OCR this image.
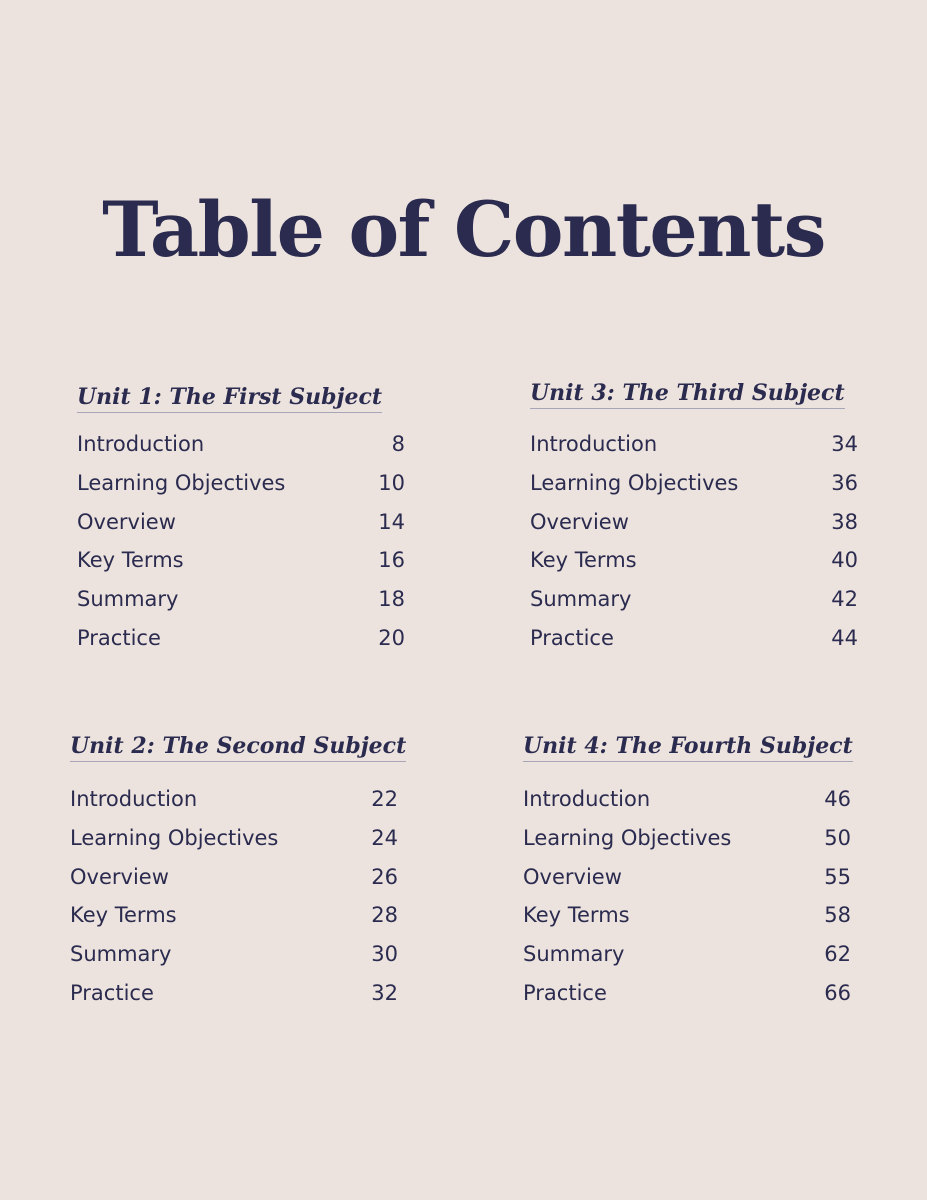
Table of Contents
Unit 1: The First Subject
Introduction	8
Learning Objectives	10
Overview	14
Key Terms	16
Summary	18
Practice	20
Unit 3: The Third Subject
Introduction	34
Learning Objectives	36
Overview	38
Key Terms	40
Summary	42
Practice	44
Unit 2: The Second Subject
Introduction	22
Learning Objectives	24
Overview	26
Key Terms	28
Summary	30
Practice	32
Unit 4: The Fourth Subject
Introduction	46
Learning Objectives	50
Overview	55
Key Terms	58
Summary	62
Practice	66
